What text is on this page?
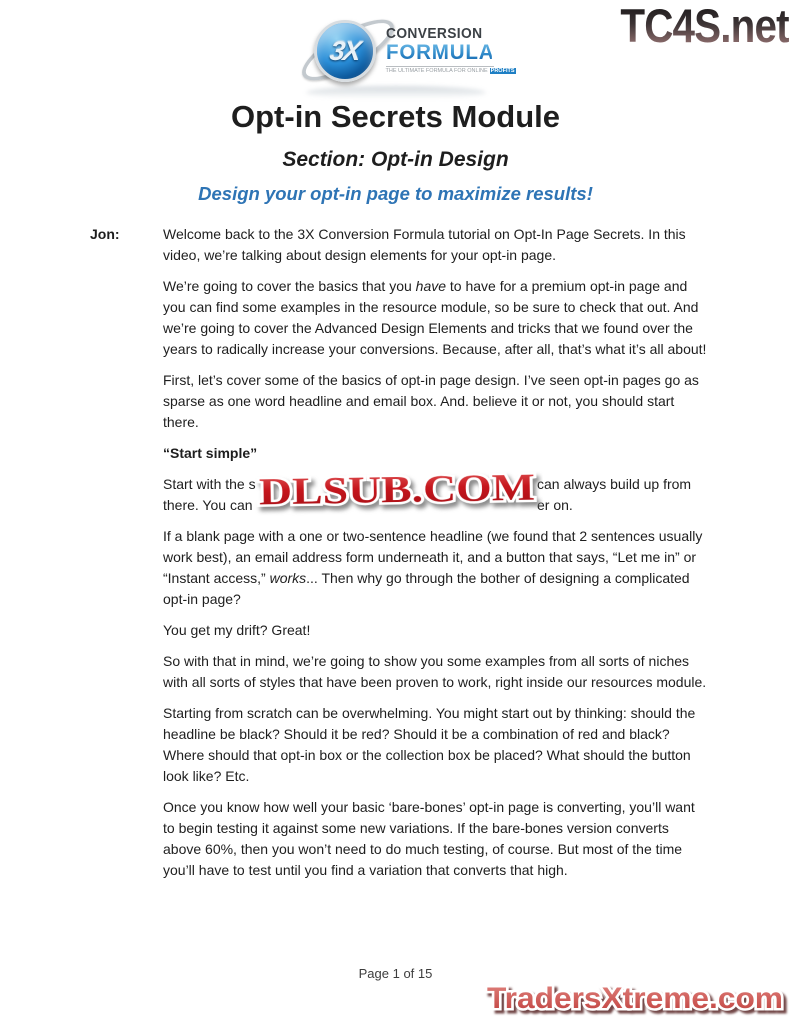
3X
CONVERSION
FORMULA
THE ULTIMATE FORMULA FOR ONLINE PROFITS
TC4S.net
Opt-in Secrets Module
Section: Opt-in Design
Design your opt-in page to maximize results!
Jon:	Welcome back to the 3X Conversion Formula tutorial on Opt-In Page Secrets. In this video, we’re talking about design elements for your opt-in page.
We’re going to cover the basics that you have to have for a premium opt-in page and you can find some examples in the resource module, so be sure to check that out. And we’re going to cover the Advanced Design Elements and tricks that we found over the years to radically increase your conversions. Because, after all, that’s what it’s all about!
First, let’s cover some of the basics of opt-in page design. I’ve seen opt-in pages go as sparse as one word headline and email box. And. believe it or not, you should start there.
“Start simple”
Start with the s	can always build up from
there. You can	er on.
DLSUB.COM
If a blank page with a one or two-sentence headline (we found that 2 sentences usually work best), an email address form underneath it, and a button that says, “Let me in” or “Instant access,” works... Then why go through the bother of designing a complicated opt-in page?
You get my drift? Great!
So with that in mind, we’re going to show you some examples from all sorts of niches with all sorts of styles that have been proven to work, right inside our resources module.
Starting from scratch can be overwhelming. You might start out by thinking: should the headline be black? Should it be red? Should it be a combination of red and black? Where should that opt-in box or the collection box be placed? What should the button look like? Etc.
Once you know how well your basic ‘bare-bones’ opt-in page is converting, you’ll want to begin testing it against some new variations. If the bare-bones version converts above 60%, then you won’t need to do much testing, of course. But most of the time you’ll have to test until you find a variation that converts that high.
Page 1 of 15
TradersXtreme.com
